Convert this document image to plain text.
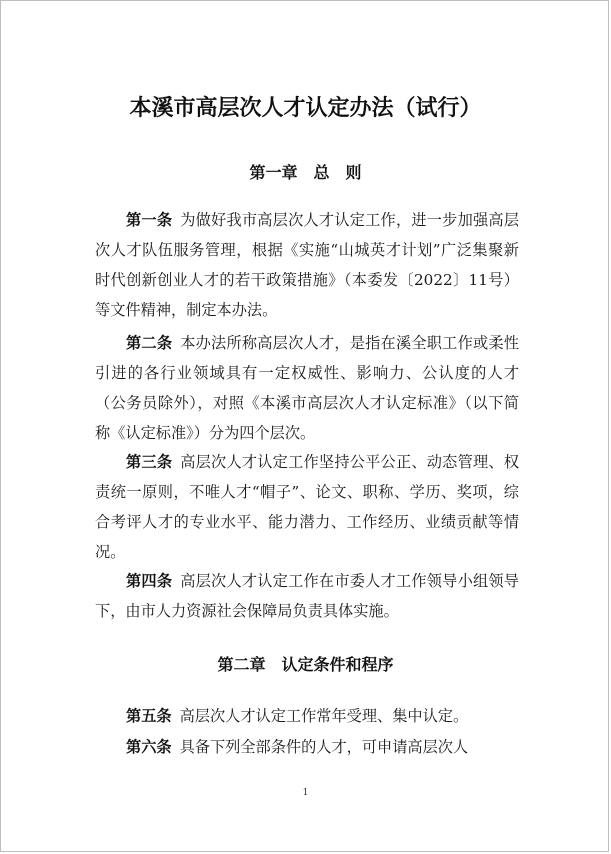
本溪市高层次人才认定办法（试行）
第一章　总　则
第一条 为做好我市高层次人才认定工作，进一步加强高层次人才队伍服务管理，根据《实施“山城英才计划”广泛集聚新时代创新创业人才的若干政策措施》（本委发〔2022〕11号）等文件精神，制定本办法。
第二条 本办法所称高层次人才，是指在溪全职工作或柔性引进的各行业领域具有一定权威性、影响力、公认度的人才（公务员除外），对照《本溪市高层次人才认定标准》（以下简称《认定标准》）分为四个层次。
第三条 高层次人才认定工作坚持公平公正、动态管理、权责统一原则，不唯人才“帽子”、论文、职称、学历、奖项，综合考评人才的专业水平、能力潜力、工作经历、业绩贡献等情况。
第四条 高层次人才认定工作在市委人才工作领导小组领导下，由市人力资源社会保障局负责具体实施。
第二章　认定条件和程序
第五条 高层次人才认定工作常年受理、集中认定。
第六条 具备下列全部条件的人才，可申请高层次人
1
